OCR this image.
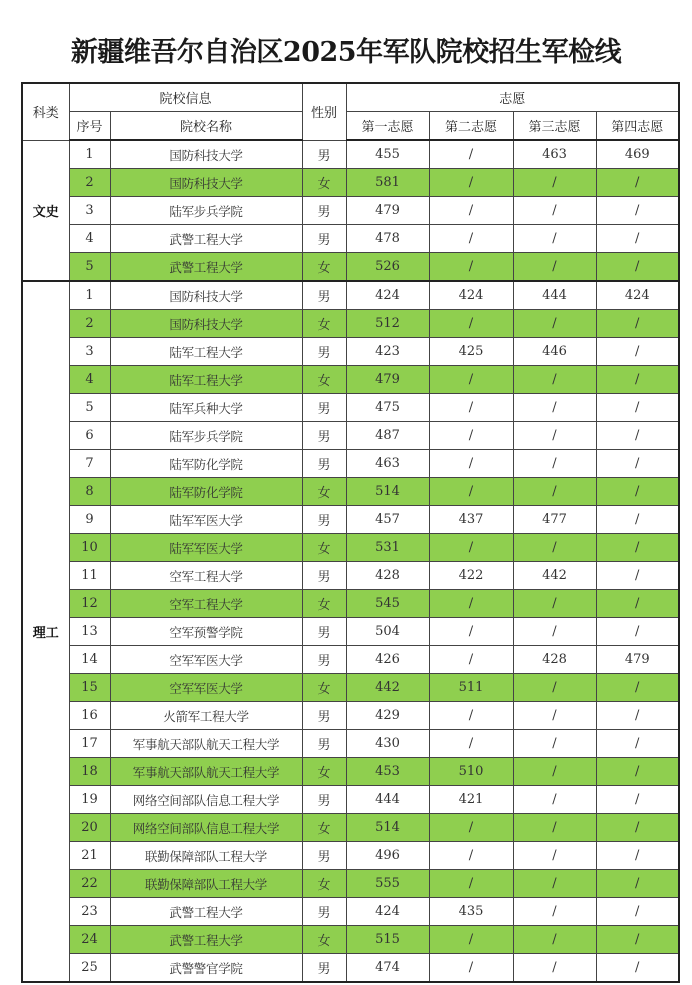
新疆维吾尔自治区2025年军队院校招生军检线
科类	院校信息		性别	志愿			
	序号	院校名称		第一志愿	第二志愿	第三志愿	第四志愿
文史	1	国防科技大学	男	455	/	463	469
	2	国防科技大学	女	581	/	/	/
	3	陆军步兵学院	男	479	/	/	/
	4	武警工程大学	男	478	/	/	/
	5	武警工程大学	女	526	/	/	/
理工	1	国防科技大学	男	424	424	444	424
	2	国防科技大学	女	512	/	/	/
	3	陆军工程大学	男	423	425	446	/
	4	陆军工程大学	女	479	/	/	/
	5	陆军兵种大学	男	475	/	/	/
	6	陆军步兵学院	男	487	/	/	/
	7	陆军防化学院	男	463	/	/	/
	8	陆军防化学院	女	514	/	/	/
	9	陆军军医大学	男	457	437	477	/
	10	陆军军医大学	女	531	/	/	/
	11	空军工程大学	男	428	422	442	/
	12	空军工程大学	女	545	/	/	/
	13	空军预警学院	男	504	/	/	/
	14	空军军医大学	男	426	/	428	479
	15	空军军医大学	女	442	511	/	/
	16	火箭军工程大学	男	429	/	/	/
	17	军事航天部队航天工程大学	男	430	/	/	/
	18	军事航天部队航天工程大学	女	453	510	/	/
	19	网络空间部队信息工程大学	男	444	421	/	/
	20	网络空间部队信息工程大学	女	514	/	/	/
	21	联勤保障部队工程大学	男	496	/	/	/
	22	联勤保障部队工程大学	女	555	/	/	/
	23	武警工程大学	男	424	435	/	/
	24	武警工程大学	女	515	/	/	/
	25	武警警官学院	男	474	/	/	/
